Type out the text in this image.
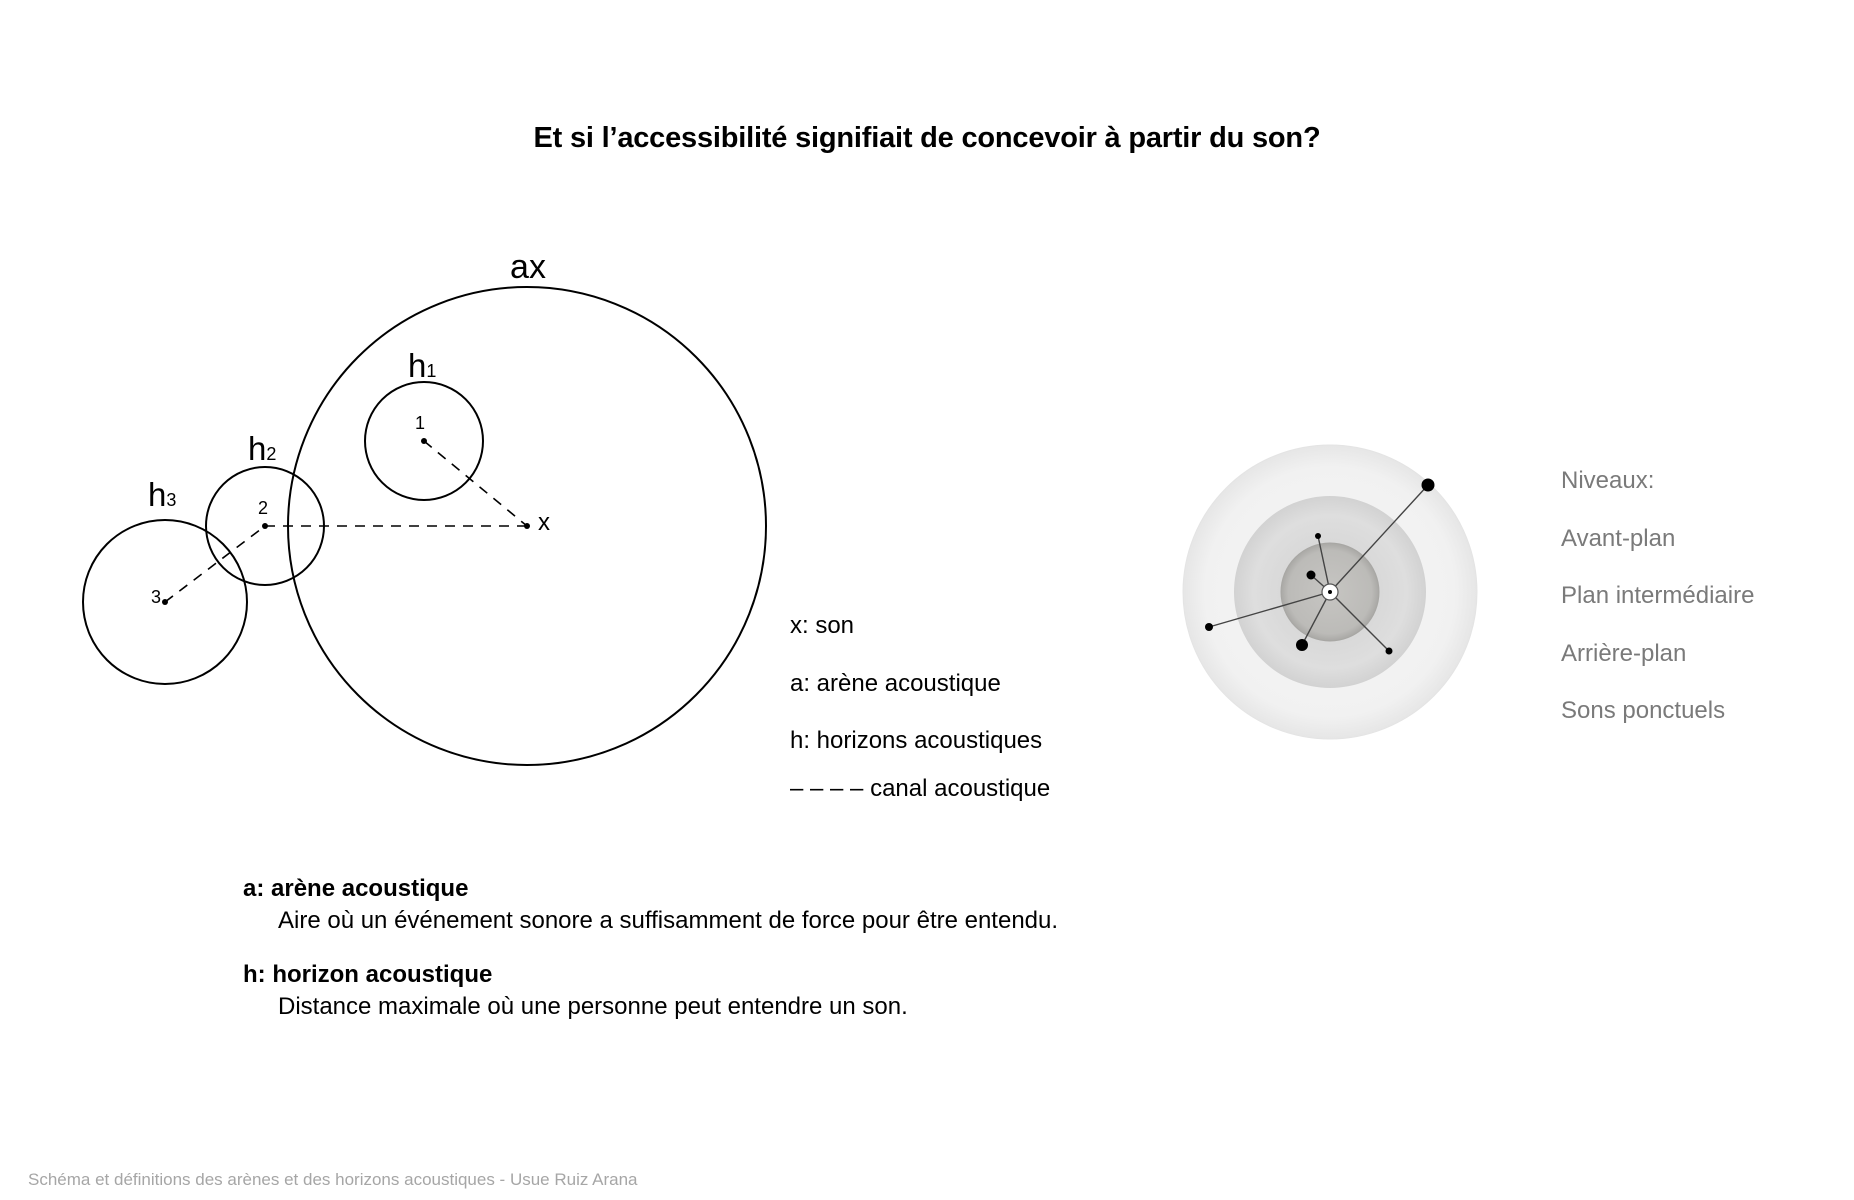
Et si l’accessibilité signifiait de concevoir à partir du son?
ax
h1
h2
h3
1
2
3
x
x: son
a: arène acoustique
h: horizons acoustiques
– – – – canal acoustique
Niveaux:
Avant-plan
Plan intermédiaire
Arrière-plan
Sons ponctuels
a: arène acoustique
Aire où un événement sonore a suffisamment de force pour être entendu.
h: horizon acoustique
Distance maximale où une personne peut entendre un son.
Schéma et définitions des arènes et des horizons acoustiques - Usue Ruiz Arana
